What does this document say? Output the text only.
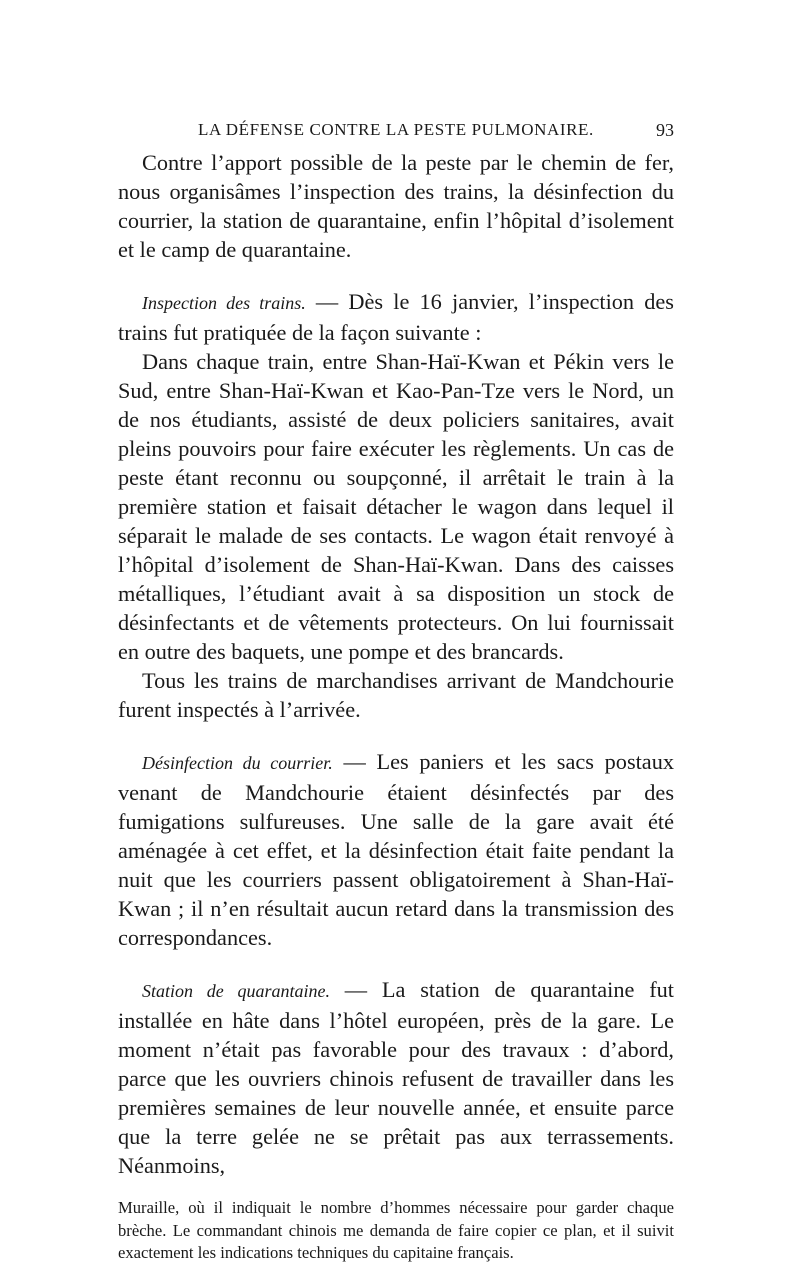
LA DÉFENSE CONTRE LA PESTE PULMONAIRE.	93

Contre l’apport possible de la peste par le chemin de fer, nous organisâmes l’inspection des trains, la désinfection du courrier, la station de quarantaine, enfin l’hôpital d’isolement et le camp de quarantaine.

Inspection des trains. — Dès le 16 janvier, l’inspection des trains fut pratiquée de la façon suivante :

Dans chaque train, entre Shan-Haï-Kwan et Pékin vers le Sud, entre Shan-Haï-Kwan et Kao-Pan-Tze vers le Nord, un de nos étudiants, assisté de deux policiers sanitaires, avait pleins pouvoirs pour faire exécuter les règlements. Un cas de peste étant reconnu ou soupçonné, il arrêtait le train à la première station et faisait détacher le wagon dans lequel il séparait le malade de ses contacts. Le wagon était renvoyé à l’hôpital d’isolement de Shan-Haï-Kwan. Dans des caisses métalliques, l’étudiant avait à sa disposition un stock de désinfectants et de vêtements protecteurs. On lui fournissait en outre des baquets, une pompe et des brancards.

Tous les trains de marchandises arrivant de Mandchourie furent inspectés à l’arrivée.

Désinfection du courrier. — Les paniers et les sacs postaux venant de Mandchourie étaient désinfectés par des fumigations sulfureuses. Une salle de la gare avait été aménagée à cet effet, et la désinfection était faite pendant la nuit que les courriers passent obligatoirement à Shan-Haï-Kwan ; il n’en résultait aucun retard dans la transmission des correspondances.

Station de quarantaine. — La station de quarantaine fut installée en hâte dans l’hôtel européen, près de la gare. Le moment n’était pas favorable pour des travaux : d’abord, parce que les ouvriers chinois refusent de travailler dans les premières semaines de leur nouvelle année, et ensuite parce que la terre gelée ne se prêtait pas aux terrassements. Néanmoins,

Muraille, où il indiquait le nombre d’hommes nécessaire pour garder chaque brèche. Le commandant chinois me demanda de faire copier ce plan, et il suivit exactement les indications techniques du capitaine français.
